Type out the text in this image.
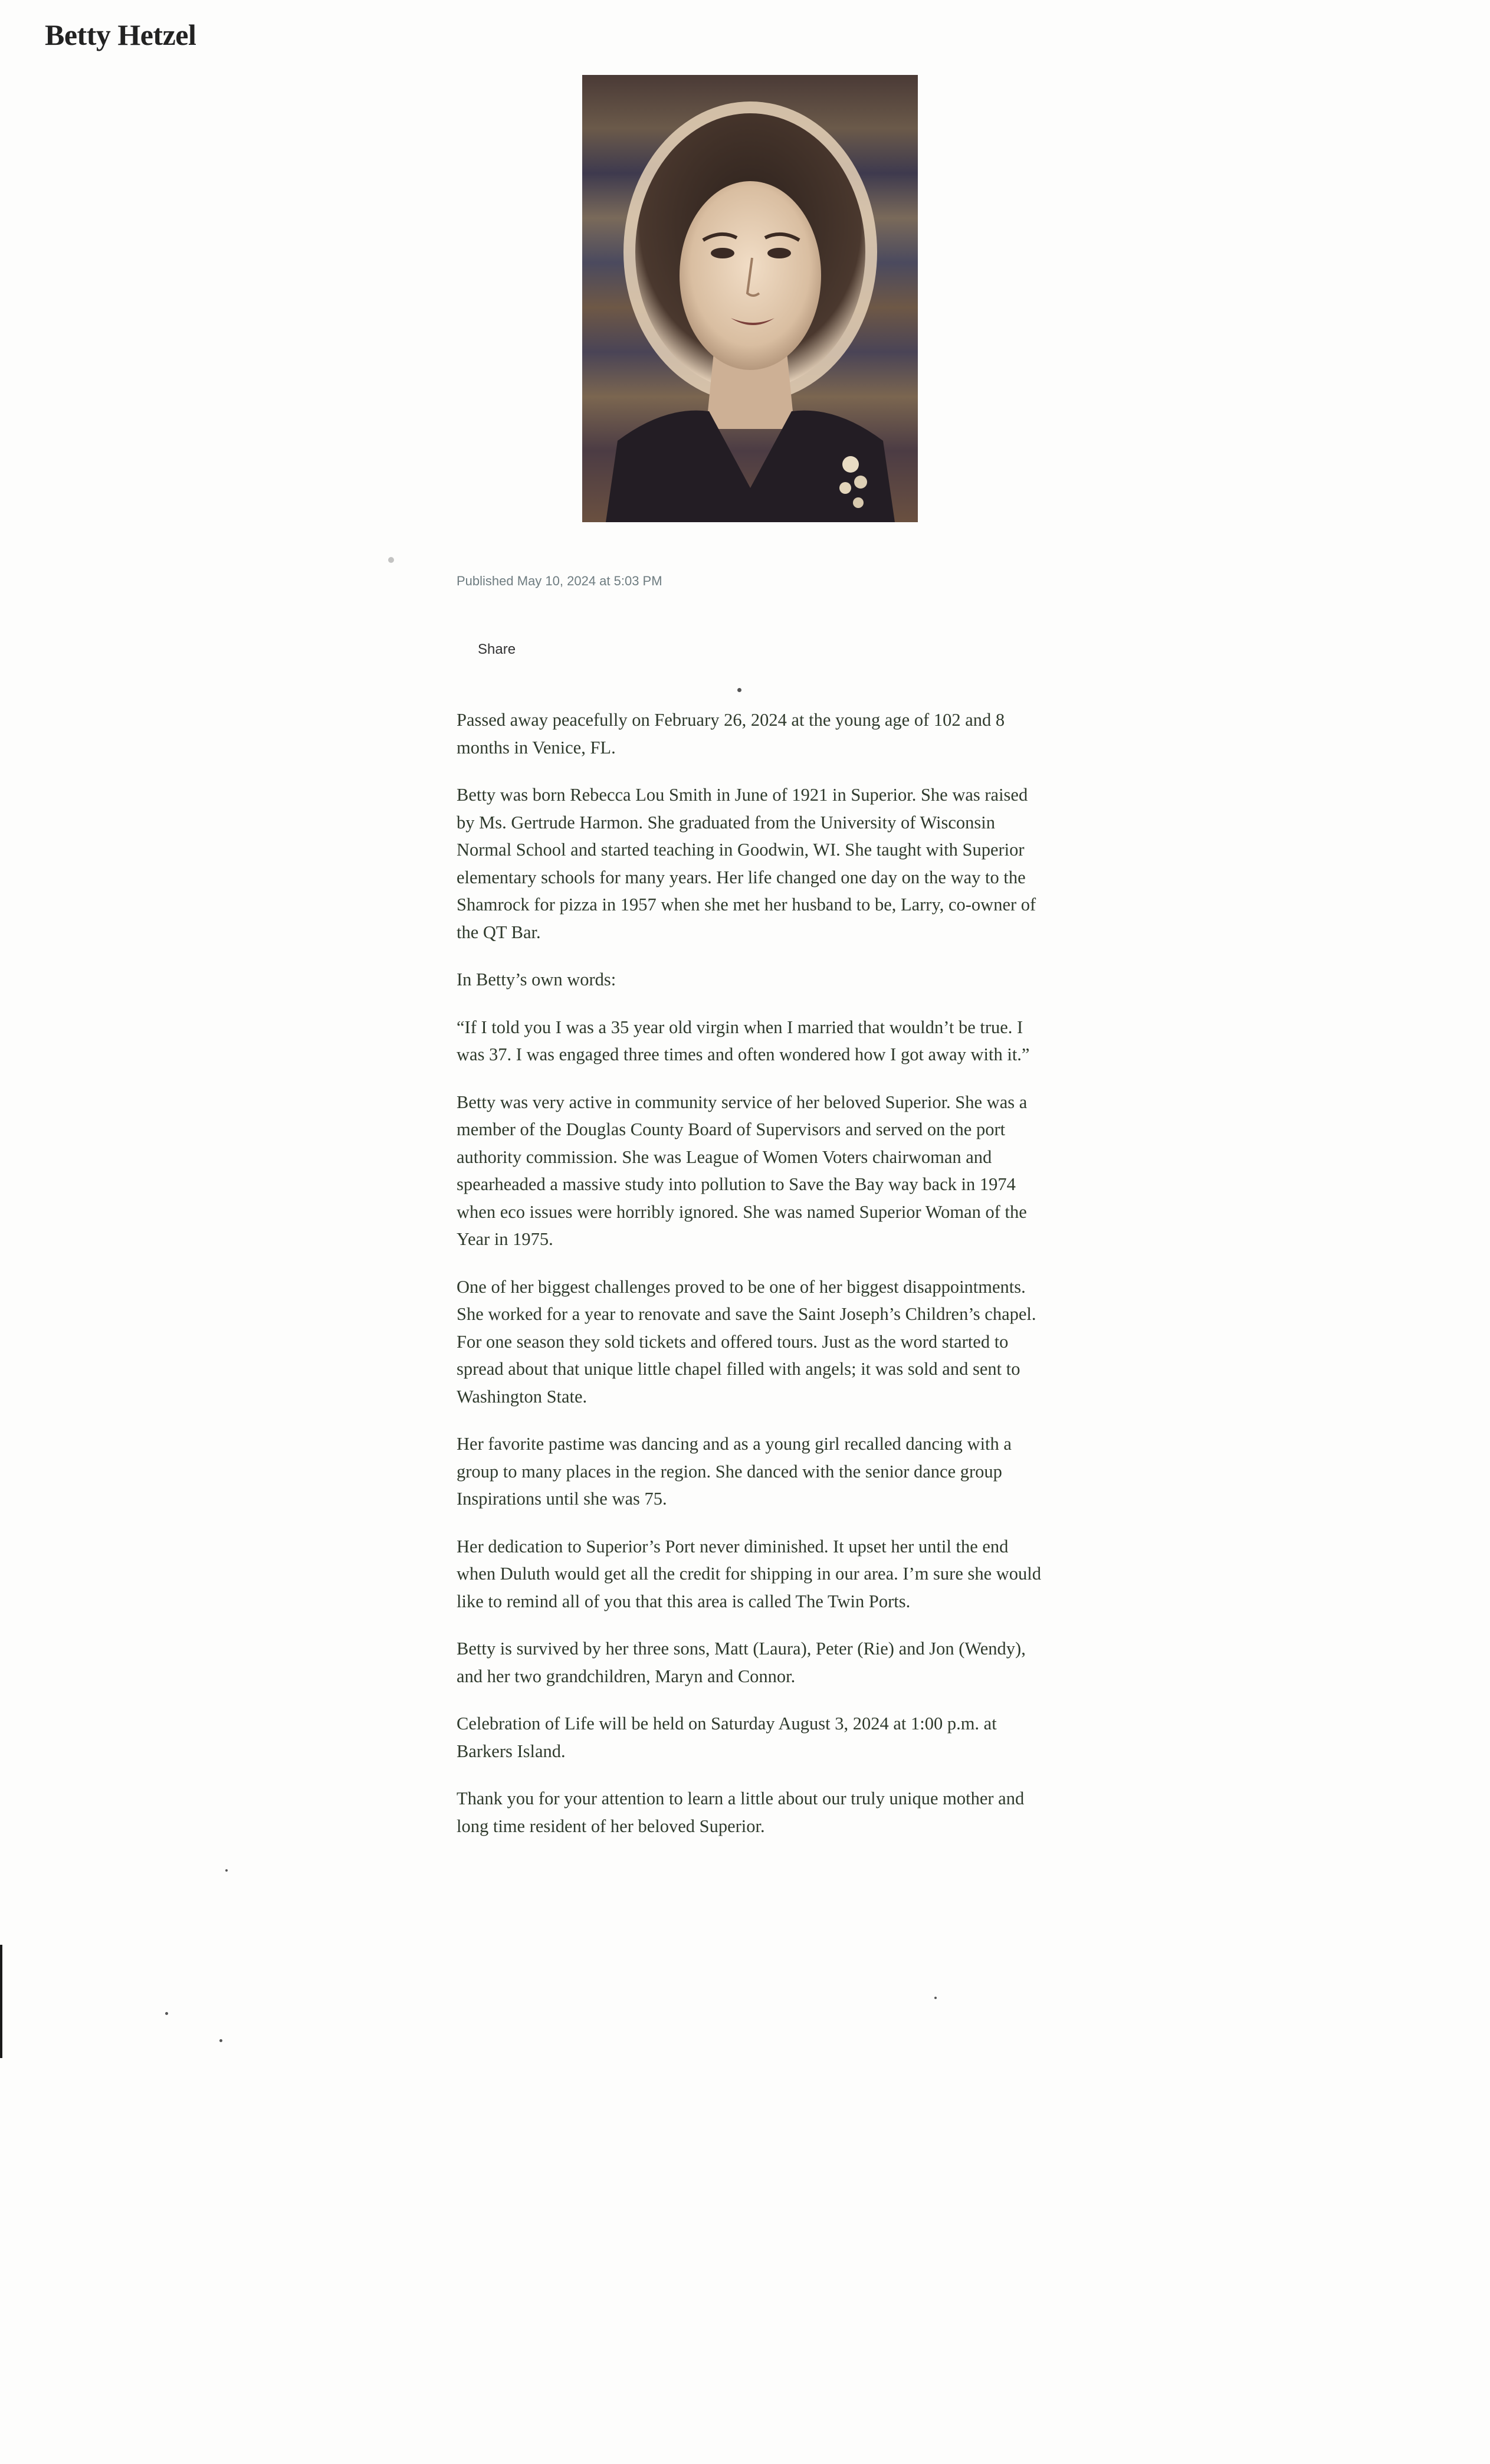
Betty Hetzel
Published May 10, 2024 at 5:03 PM
Share

Passed away peacefully on February 26, 2024 at the young age of 102 and 8 months in Venice, FL.

Betty was born Rebecca Lou Smith in June of 1921 in Superior. She was raised by Ms. Gertrude Harmon. She graduated from the University of Wisconsin Normal School and started teaching in Goodwin, WI. She taught with Superior elementary schools for many years. Her life changed one day on the way to the Shamrock for pizza in 1957 when she met her husband to be, Larry, co-owner of the QT Bar.

In Betty’s own words:

“If I told you I was a 35 year old virgin when I married that wouldn’t be true. I was 37. I was engaged three times and often wondered how I got away with it.”

Betty was very active in community service of her beloved Superior. She was a member of the Douglas County Board of Supervisors and served on the port authority commission. She was League of Women Voters chairwoman and spearheaded a massive study into pollution to Save the Bay way back in 1974 when eco issues were horribly ignored. She was named Superior Woman of the Year in 1975.

One of her biggest challenges proved to be one of her biggest disappointments. She worked for a year to renovate and save the Saint Joseph’s Children’s chapel. For one season they sold tickets and offered tours. Just as the word started to spread about that unique little chapel filled with angels; it was sold and sent to Washington State.

Her favorite pastime was dancing and as a young girl recalled dancing with a group to many places in the region. She danced with the senior dance group Inspirations until she was 75.

Her dedication to Superior’s Port never diminished. It upset her until the end when Duluth would get all the credit for shipping in our area. I’m sure she would like to remind all of you that this area is called The Twin Ports.

Betty is survived by her three sons, Matt (Laura), Peter (Rie) and Jon (Wendy), and her two grandchildren, Maryn and Connor.

Celebration of Life will be held on Saturday August 3, 2024 at 1:00 p.m. at Barkers Island.

Thank you for your attention to learn a little about our truly unique mother and long time resident of her beloved Superior.
